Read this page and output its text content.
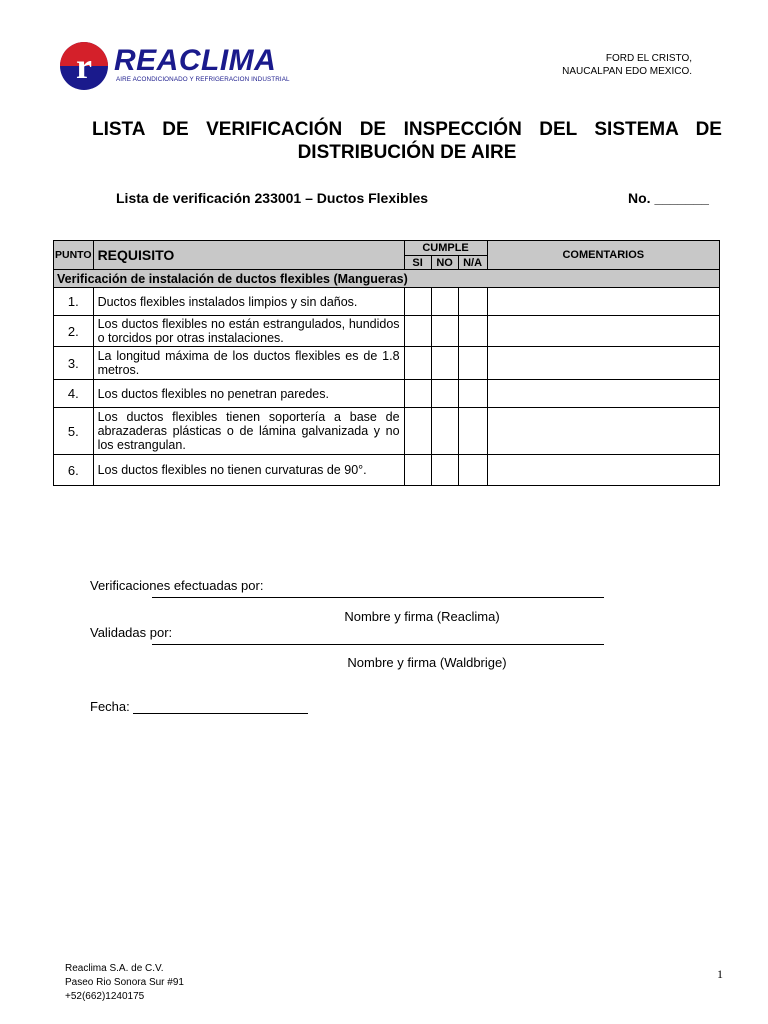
r REACLIMA
AIRE ACONDICIONADO Y REFRIGERACION INDUSTRIAL
FORD EL CRISTO,
NAUCALPAN EDO MEXICO.
LISTA DE VERIFICACIÓN DE INSPECCIÓN DEL SISTEMA DE
DISTRIBUCIÓN DE AIRE
Lista de verificación 233001 – Ductos Flexibles	No. _______
PUNTO	REQUISITO	CUMPLE			COMENTARIOS
		SI	NO	N/A	
Verificación de instalación de ductos flexibles (Mangueras)					
1.	Ductos flexibles instalados limpios y sin daños.				
2.	Los ductos flexibles no están estrangulados, hundidos o torcidos por otras instalaciones.				
3.	La longitud máxima de los ductos flexibles es de 1.8 metros.				
4.	Los ductos flexibles no penetran paredes.				
5.	Los ductos flexibles tienen soportería a base de abrazaderas plásticas o de lámina galvanizada y no los estrangulan.				
6.	Los ductos flexibles no tienen curvaturas de 90°.				
Verificaciones efectuadas por:
Nombre y firma (Reaclima)
Validadas por:
Nombre y firma (Waldbrige)
Fecha:
Reaclima S.A. de C.V.
Paseo Rio Sonora Sur #91
+52(662)1240175
1
